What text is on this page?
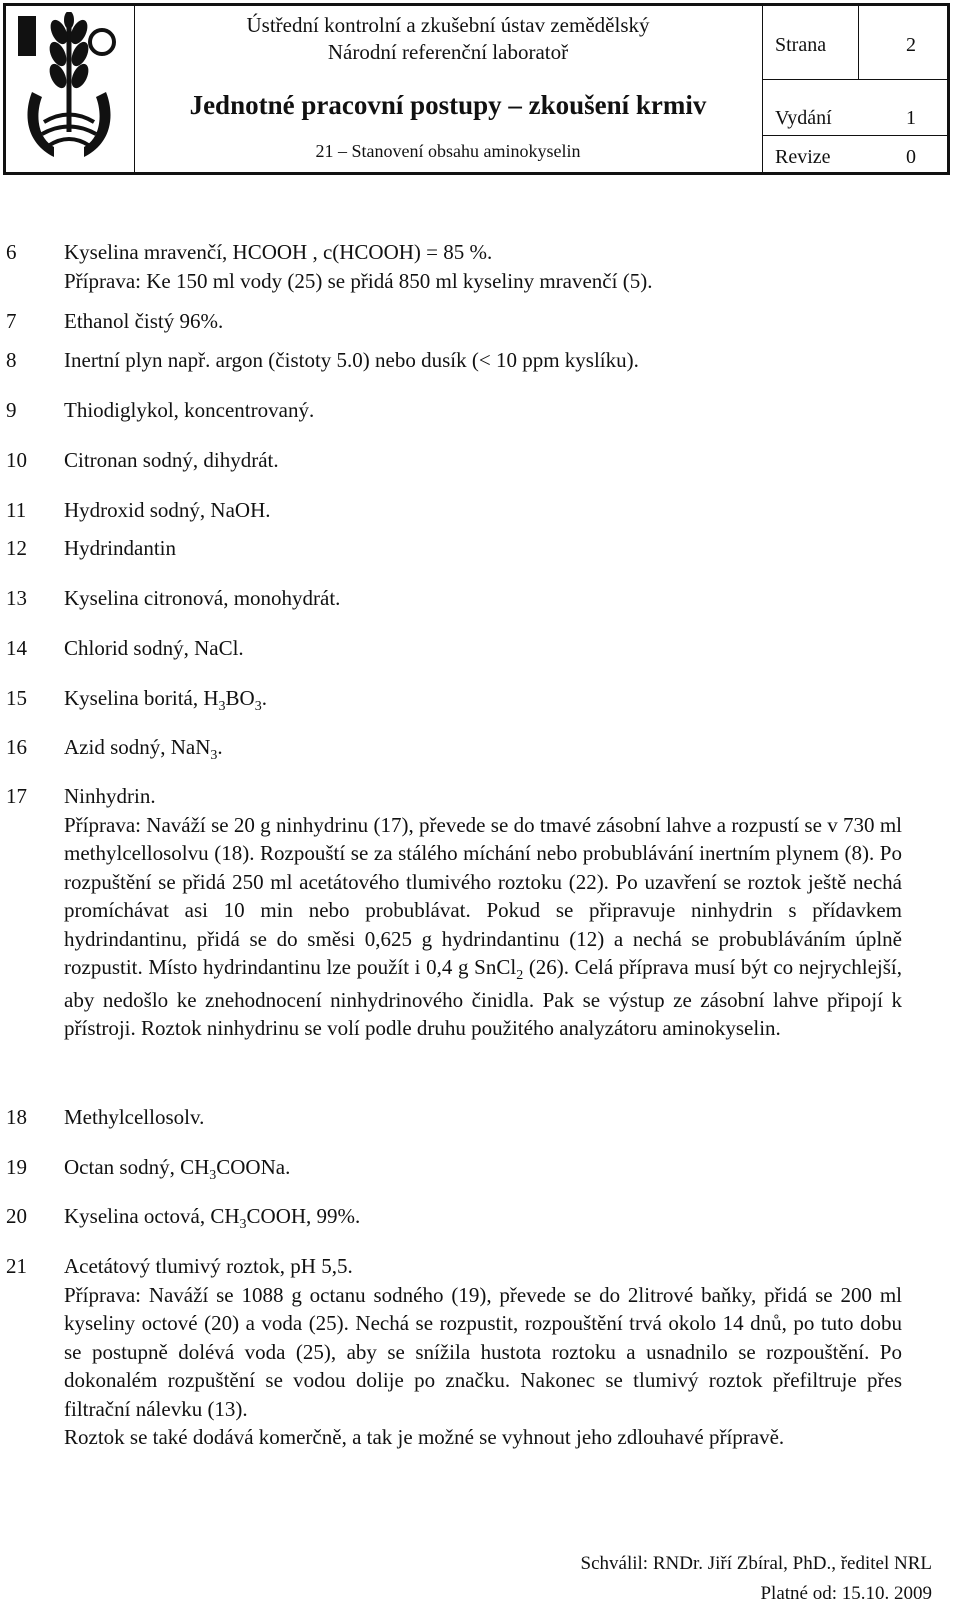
Ústřední kontrolní a zkušební ústav zemědělský
Národní referenční laboratoř
Jednotné pracovní postupy – zkoušení krmiv
21 – Stanovení obsahu aminokyselin
Strana	2
Vydání	1
Revize	0
6 Kyselina mravenčí, HCOOH , c(HCOOH) = 85 %.
Příprava: Ke 150 ml vody (25) se přidá 850 ml kyseliny mravenčí (5).
7 Ethanol čistý 96%.
8 Inertní plyn např. argon (čistoty 5.0) nebo dusík (< 10 ppm kyslíku).
9 Thiodiglykol, koncentrovaný.
10 Citronan sodný, dihydrát.
11 Hydroxid sodný, NaOH.
12 Hydrindantin
13 Kyselina citronová, monohydrát.
14 Chlorid sodný, NaCl.
15 Kyselina boritá, $H_3BO_3$.
16 Azid sodný, NaN$_3$.
17 Ninhydrin.
Příprava: Naváží se 20 g ninhydrinu (17), převede se do tmavé zásobní lahve a rozpustí se v 730 ml methylcellosolvu (18). Rozpouští se za stálého míchání nebo probublávání inertním plynem (8). Po rozpuštění se přidá 250 ml acetátového tlumivého roztoku (22). Po uzavření se roztok ještě nechá promíchávat asi 10 min nebo probublávat. Pokud se připravuje ninhydrin s přídavkem hydrindantinu, přidá se do směsi 0,625 g hydrindantinu (12) a nechá se probubláváním úplně rozpustit. Místo hydrindantinu lze použít i 0,4 g SnCl$_2$ (26). Celá příprava musí být co nejrychlejší, aby nedošlo ke znehodnocení ninhydrinového činidla. Pak se výstup ze zásobní lahve připojí k přístroji. Roztok ninhydrinu se volí podle druhu použitého analyzátoru aminokyselin.
18 Methylcellosolv.
19 Octan sodný, $CH_3COONa$.
20 Kyselina octová, $CH_3COOH$, 99%.
21 Acetátový tlumivý roztok, pH 5,5.
Příprava: Naváží se 1088 g octanu sodného (19), převede se do 2litrové baňky, přidá se 200 ml kyseliny octové (20) a voda (25). Nechá se rozpustit, rozpouštění trvá okolo 14 dnů, po tuto dobu se postupně dolévá voda (25), aby se snížila hustota roztoku a usnadnilo se rozpouštění. Po dokonalém rozpuštění se vodou dolije po značku. Nakonec se tlumivý roztok přefiltruje přes filtrační nálevku (13).
Roztok se také dodává komerčně, a tak je možné se vyhnout jeho zdlouhavé přípravě.
Schválil: RNDr. Jiří Zbíral, PhD., ředitel NRL
Platné od: 15.10. 2009
